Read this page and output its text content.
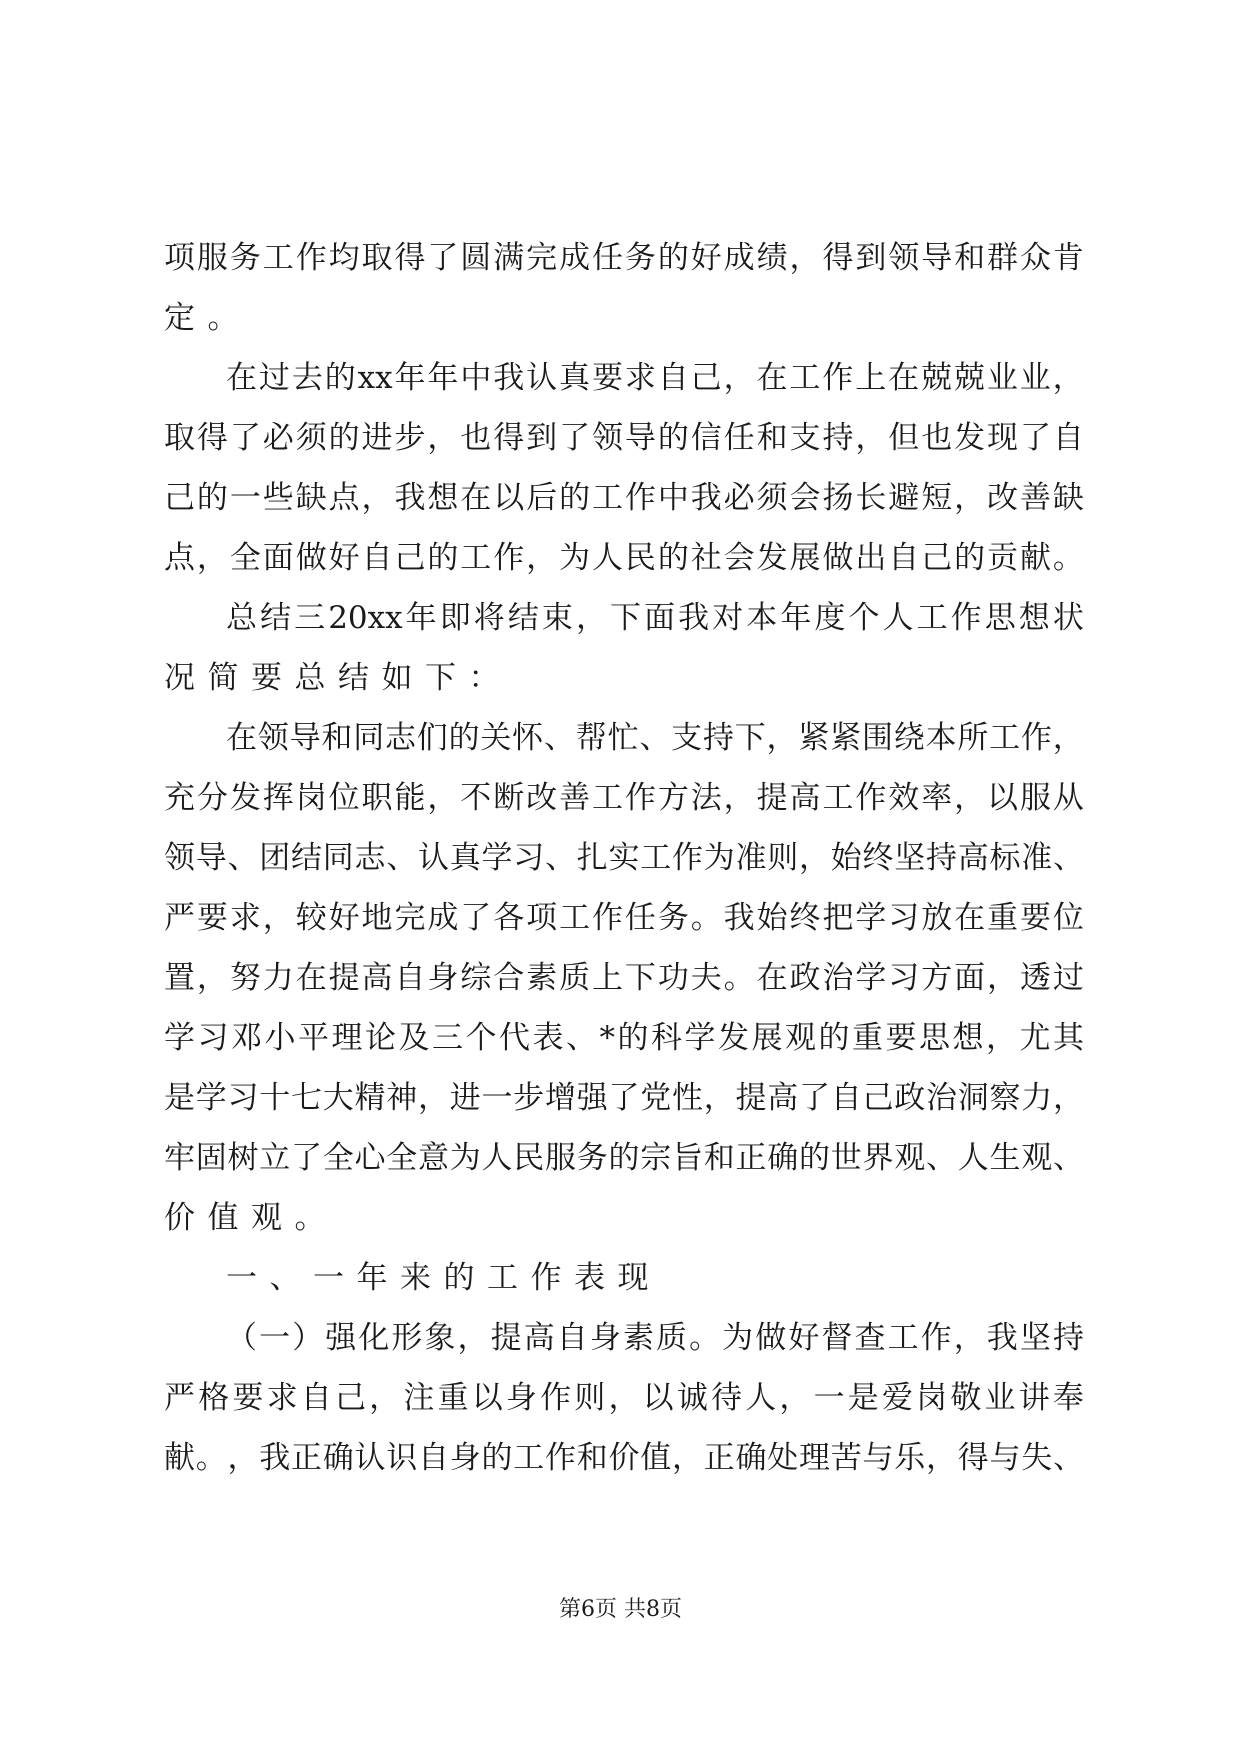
项 服 务 工 作 均 取 得 了 圆 满 完 成 任 务 的 好 成 绩 ， 得 到 领 导 和 群 众 肯
定 。
在 过 去 的 xx 年 年 中 我 认 真 要 求 自 己 ， 在 工 作 上 在 兢 兢 业 业 ，
取 得 了 必 须 的 进 步 ， 也 得 到 了 领 导 的 信 任 和 支 持 ， 但 也 发 现 了 自
己 的 一 些 缺 点 ， 我 想 在 以 后 的 工 作 中 我 必 须 会 扬 长 避 短 ， 改 善 缺
点 ， 全 面 做 好 自 己 的 工 作 ， 为 人 民 的 社 会 发 展 做 出 自 己 的 贡 献 。
总 结 三 20xx 年 即 将 结 束 ， 下 面 我 对 本 年 度 个 人 工 作 思 想 状
况 简 要 总 结 如 下 ：
在 领 导 和 同 志 们 的 关 怀 、 帮 忙 、 支 持 下 ， 紧 紧 围 绕 本 所 工 作 ，
充 分 发 挥 岗 位 职 能 ， 不 断 改 善 工 作 方 法 ， 提 高 工 作 效 率 ， 以 服 从
领 导 、 团 结 同 志 、 认 真 学 习 、 扎 实 工 作 为 准 则 ， 始 终 坚 持 高 标 准 、
严 要 求 ， 较 好 地 完 成 了 各 项 工 作 任 务 。 我 始 终 把 学 习 放 在 重 要 位
置 ， 努 力 在 提 高 自 身 综 合 素 质 上 下 功 夫 。 在 政 治 学 习 方 面 ， 透 过
学 习 邓 小 平 理 论 及 三 个 代 表 、 * 的 科 学 发 展 观 的 重 要 思 想 ， 尤 其
是 学 习 十 七 大 精 神 ， 进 一 步 增 强 了 党 性 ， 提 高 了 自 己 政 治 洞 察 力 ，
牢 固 树 立 了 全 心 全 意 为 人 民 服 务 的 宗 旨 和 正 确 的 世 界 观 、 人 生 观 、
价 值 观 。
一 、 一 年 来 的 工 作 表 现
（ 一 ） 强 化 形 象 ， 提 高 自 身 素 质 。 为 做 好 督 查 工 作 ， 我 坚 持
严 格 要 求 自 己 ， 注 重 以 身 作 则 ， 以 诚 待 人 ， 一 是 爱 岗 敬 业 讲 奉
献 。 ， 我 正 确 认 识 自 身 的 工 作 和 价 值 ， 正 确 处 理 苦 与 乐 ， 得 与 失 、
第6页 共8页
